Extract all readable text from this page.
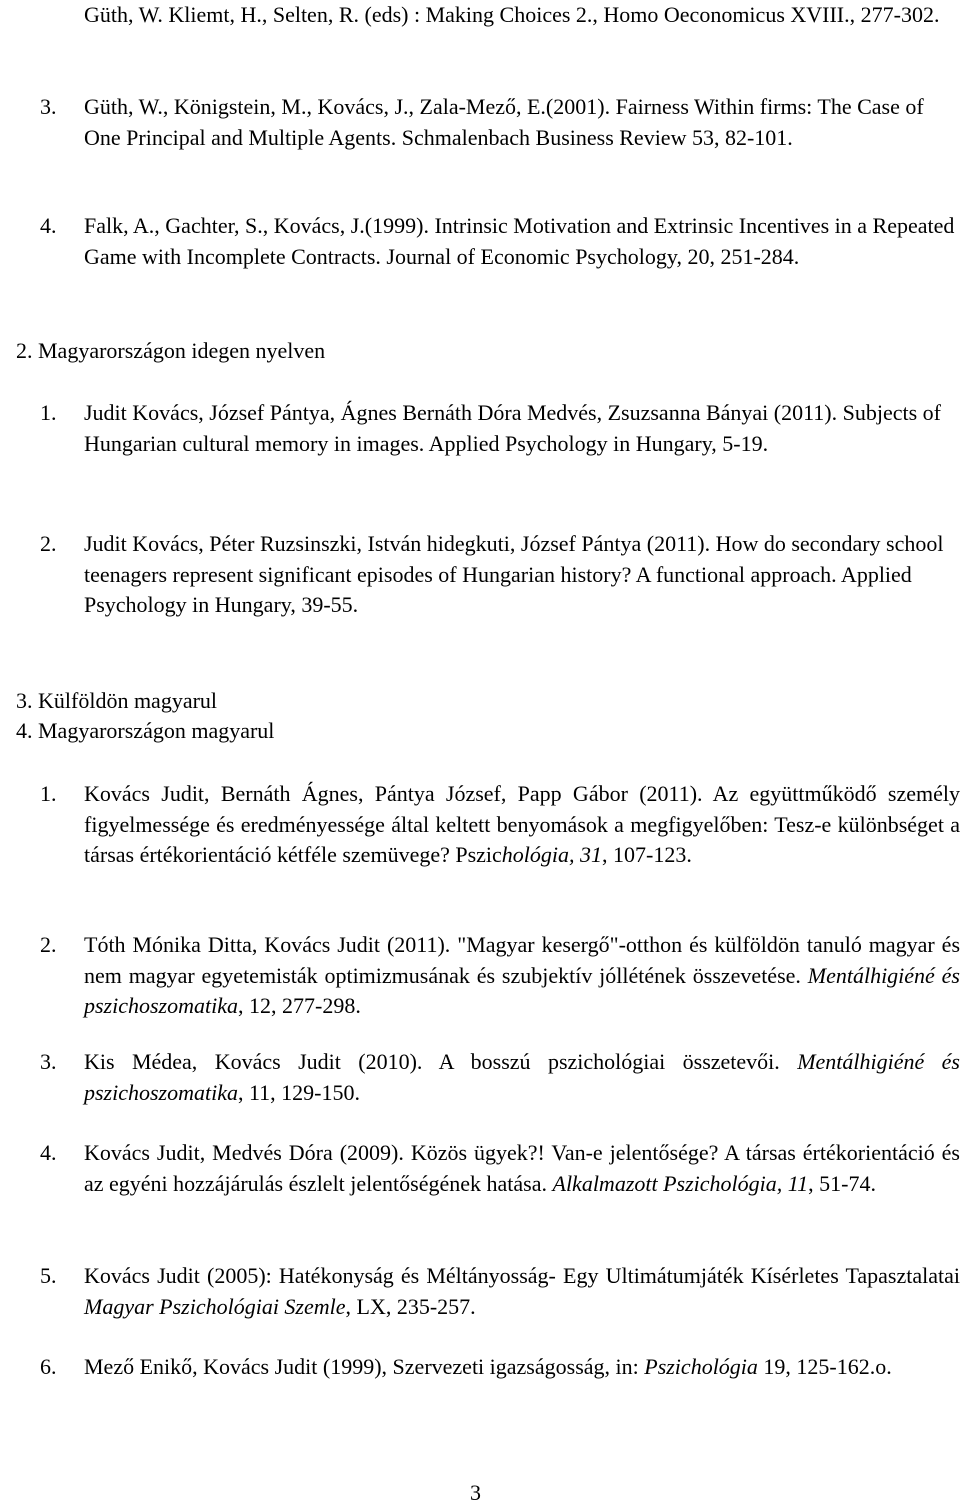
Güth, W. Kliemt, H., Selten, R. (eds) : Making Choices 2., Homo Oeconomicus XVIII., 277-302.

3.	Güth, W., Königstein, M., Kovács, J., Zala-Mező, E.(2001). Fairness Within firms: The Case of One Principal and Multiple Agents. Schmalenbach Business Review 53, 82-101.

4.	Falk, A., Gachter, S., Kovács, J.(1999). Intrinsic Motivation and Extrinsic Incentives in a Repeated Game with Incomplete Contracts. Journal of Economic Psychology, 20, 251-284.

2. Magyarországon idegen nyelven

1.	Judit Kovács, József Pántya, Ágnes Bernáth Dóra Medvés, Zsuzsanna Bányai (2011). Subjects of Hungarian cultural memory in images. Applied Psychology in Hungary, 5-19.

2.	Judit Kovács, Péter Ruzsinszki, István hidegkuti, József Pántya (2011). How do secondary school teenagers represent significant episodes of Hungarian history? A functional approach. Applied Psychology in Hungary, 39-55.

3. Külföldön magyarul

4. Magyarországon magyarul

1.	Kovács Judit, Bernáth Ágnes, Pántya József, Papp Gábor (2011). Az együttműködő személy figyelmessége és eredményessége által keltett benyomások a megfigyelőben: Tesz-e különbséget a társas értékorientáció kétféle szemüvege? Pszichológia, 31, 107-123.

2.	Tóth Mónika Ditta, Kovács Judit (2011). "Magyar kesergő"-otthon és külföldön tanuló magyar és nem magyar egyetemisták optimizmusának és szubjektív jóllétének összevetése. Mentálhigiéné és pszichoszomatika, 12, 277-298.

3.	Kis Médea, Kovács Judit (2010). A bosszú pszichológiai összetevői. Mentálhigiéné és pszichoszomatika, 11, 129-150.

4.	Kovács Judit, Medvés Dóra (2009). Közös ügyek?! Van-e jelentősége? A társas értékorientáció és az egyéni hozzájárulás észlelt jelentőségének hatása. Alkalmazott Pszichológia, 11, 51-74.

5.	Kovács Judit (2005): Hatékonyság és Méltányosság- Egy Ultimátumjáték Kísérletes Tapasztalatai Magyar Pszichológiai Szemle, LX, 235-257.

6.	Mező Enikő, Kovács Judit (1999), Szervezeti igazságosság, in: Pszichológia 19, 125-162.o.

3
